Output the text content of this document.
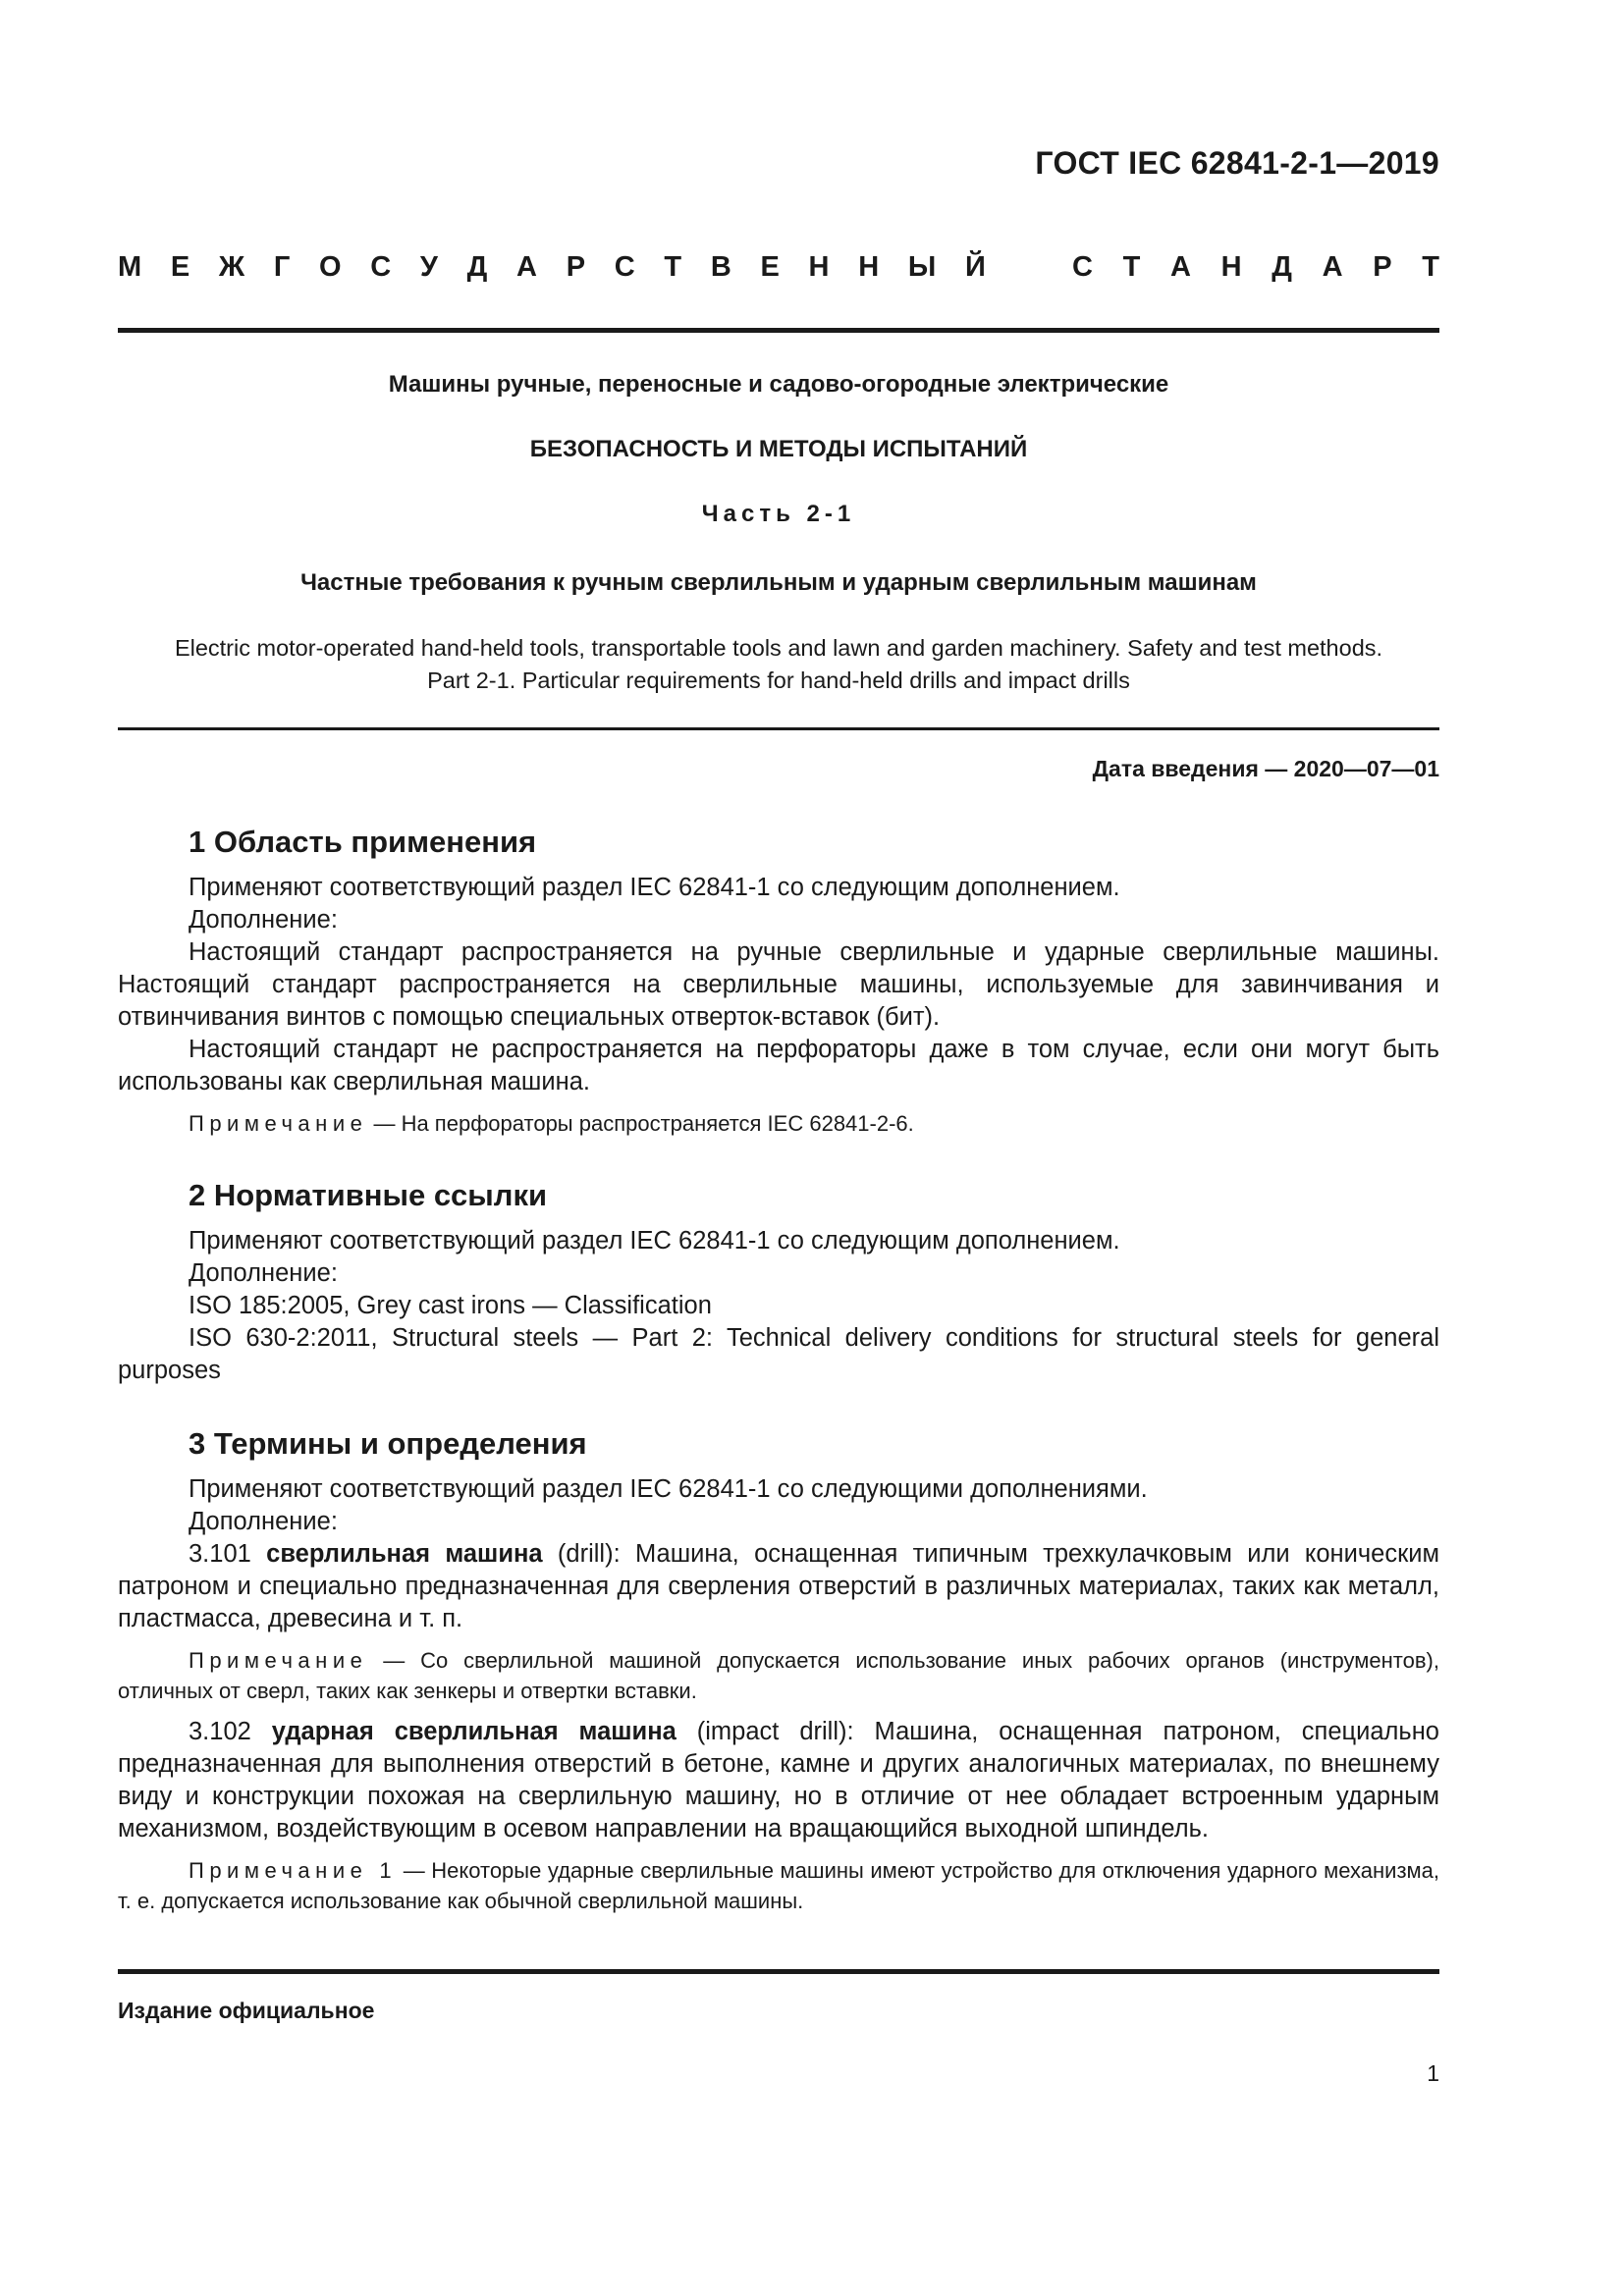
ГОСТ IEC 62841-2-1—2019
М Е Ж Г О С У Д А Р С Т В Е Н Н Ы Й	С Т А Н Д А Р Т
Машины ручные, переносные и садово-огородные электрические
БЕЗОПАСНОСТЬ И МЕТОДЫ ИСПЫТАНИЙ
Часть 2-1
Частные требования к ручным сверлильным и ударным сверлильным машинам
Electric motor-operated hand-held tools, transportable tools and lawn and garden machinery. Safety and test methods.
Part 2-1. Particular requirements for hand-held drills and impact drills
Дата введения — 2020—07—01
1 Область применения

Применяют соответствующий раздел IEC 62841-1 со следующим дополнением.

Дополнение:

Настоящий стандарт распространяется на ручные сверлильные и ударные сверлильные машины. Настоящий стандарт распространяется на сверлильные машины, используемые для завинчивания и отвинчивания винтов с помощью специальных отверток-вставок (бит).

Настоящий стандарт не распространяется на перфораторы даже в том случае, если они могут быть использованы как сверлильная машина.

Примечание — На перфораторы распространяется IEC 62841-2-6.

2 Нормативные ссылки

Применяют соответствующий раздел IEC 62841-1 со следующим дополнением.

Дополнение:

ISO 185:2005, Grey cast irons — Classification

ISO 630-2:2011, Structural steels — Part 2: Technical delivery conditions for structural steels for general purposes

3 Термины и определения

Применяют соответствующий раздел IEC 62841-1 со следующими дополнениями.

Дополнение:

3.101 сверлильная машина (drill): Машина, оснащенная типичным трехкулачковым или коническим патроном и специально предназначенная для сверления отверстий в различных материалах, таких как металл, пластмасса, древесина и т. п.

Примечание — Со сверлильной машиной допускается использование иных рабочих органов (инструментов), отличных от сверл, таких как зенкеры и отвертки вставки.

3.102 ударная сверлильная машина (impact drill): Машина, оснащенная патроном, специально предназначенная для выполнения отверстий в бетоне, камне и других аналогичных материалах, по внешнему виду и конструкции похожая на сверлильную машину, но в отличие от нее обладает встроенным ударным механизмом, воздействующим в осевом направлении на вращающийся выходной шпиндель.

Примечание 1 — Некоторые ударные сверлильные машины имеют устройство для отключения ударного механизма, т. е. допускается использование как обычной сверлильной машины.

Издание официальное
1
